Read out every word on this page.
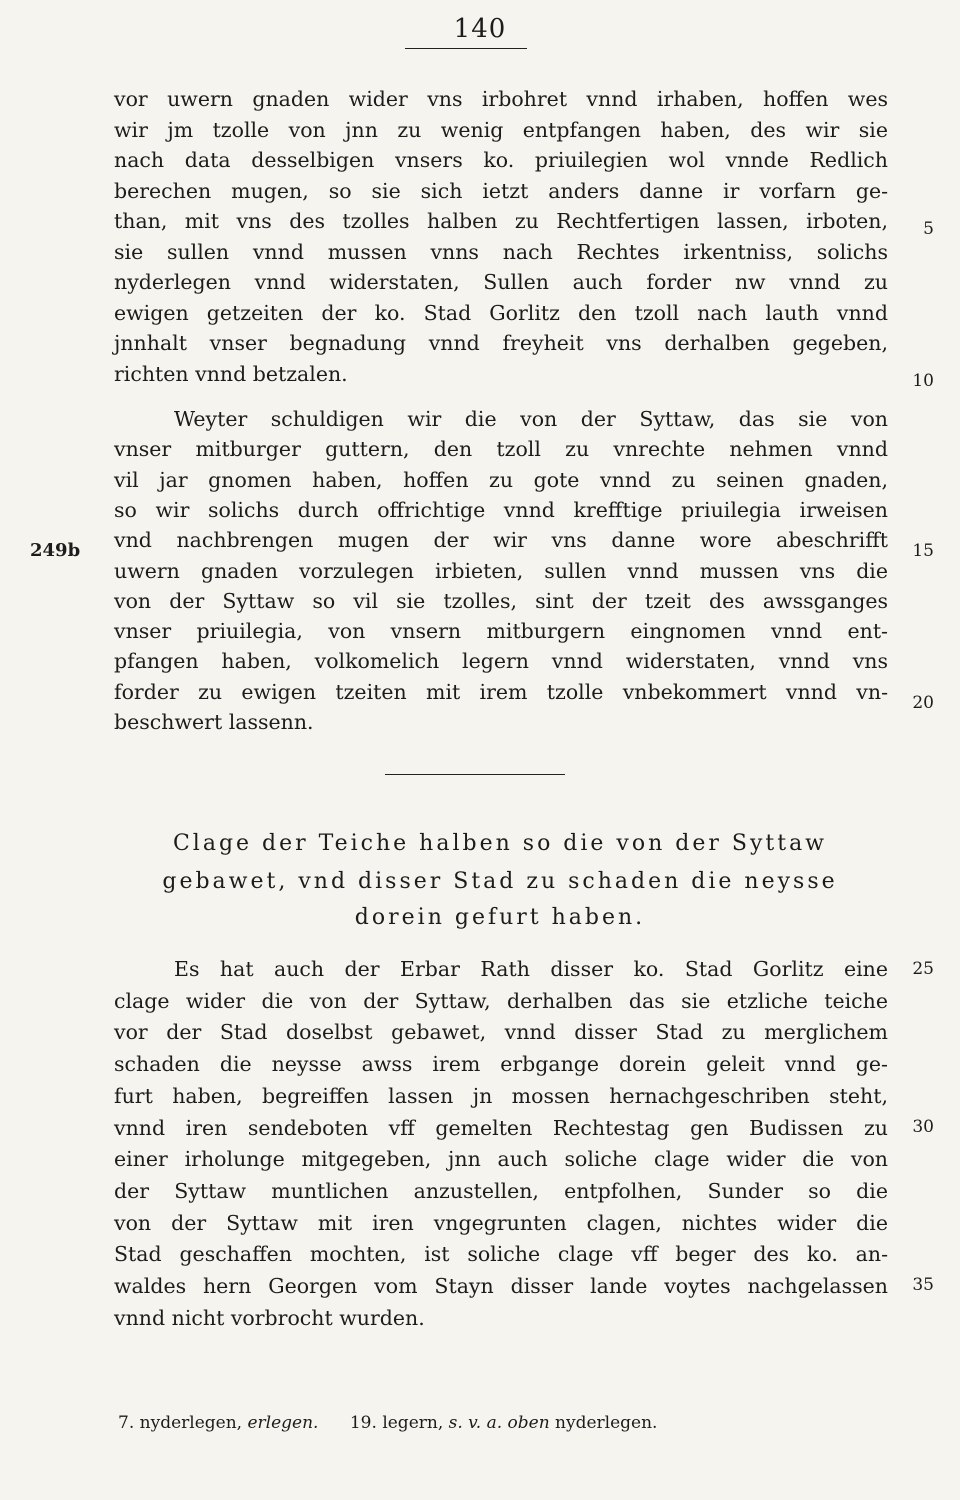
140
vor uwern gnaden wider vns irbohret vnnd irhaben, hoffen wes
wir jm tzolle von jnn zu wenig entpfangen haben, des wir sie
nach data desselbigen vnsers ko. priuilegien wol vnnde Redlich
berechen mugen, so sie sich ietzt anders danne ir vorfarn ge-
than, mit vns des tzolles halben zu Rechtfertigen lassen, irboten,
sie sullen vnnd mussen vnns nach Rechtes irkentniss, solichs
nyderlegen vnnd widerstaten, Sullen auch forder nw vnnd zu
ewigen getzeiten der ko. Stad Gorlitz den tzoll nach lauth vnnd
jnnhalt vnser begnadung vnnd freyheit vns derhalben gegeben,
richten vnnd betzalen.
Weyter schuldigen wir die von der Syttaw, das sie von
vnser mitburger guttern, den tzoll zu vnrechte nehmen vnnd
vil jar gnomen haben, hoffen zu gote vnnd zu seinen gnaden,
so wir solichs durch offrichtige vnnd krefftige priuilegia irweisen
vnd nachbrengen mugen der wir vns danne wore abeschrifft
uwern gnaden vorzulegen irbieten, sullen vnnd mussen vns die
von der Syttaw so vil sie tzolles, sint der tzeit des awssganges
vnser priuilegia, von vnsern mitburgern eingnomen vnnd ent-
pfangen haben, volkomelich legern vnnd widerstaten, vnnd vns
forder zu ewigen tzeiten mit irem tzolle vnbekommert vnnd vn-
beschwert lassenn.
249b
5
10
15
20
25
30
35
Clage der Teiche halben so die von der Syttaw
gebawet, vnd disser Stad zu schaden die neysse
dorein gefurt haben.
Es hat auch der Erbar Rath disser ko. Stad Gorlitz eine
clage wider die von der Syttaw, derhalben das sie etzliche teiche
vor der Stad doselbst gebawet, vnnd disser Stad zu merglichem
schaden die neysse awss irem erbgange dorein geleit vnnd ge-
furt haben, begreiffen lassen jn mossen hernachgeschriben steht,
vnnd iren sendeboten vff gemelten Rechtestag gen Budissen zu
einer irholunge mitgegeben, jnn auch soliche clage wider die von
der Syttaw muntlichen anzustellen, entpfolhen, Sunder so die
von der Syttaw mit iren vngegrunten clagen, nichtes wider die
Stad geschaffen mochten, ist soliche clage vff beger des ko. an-
waldes hern Georgen vom Stayn disser lande voytes nachgelassen
vnnd nicht vorbrocht wurden.
7. nyderlegen, erlegen. 19. legern, s. v. a. oben nyderlegen.
